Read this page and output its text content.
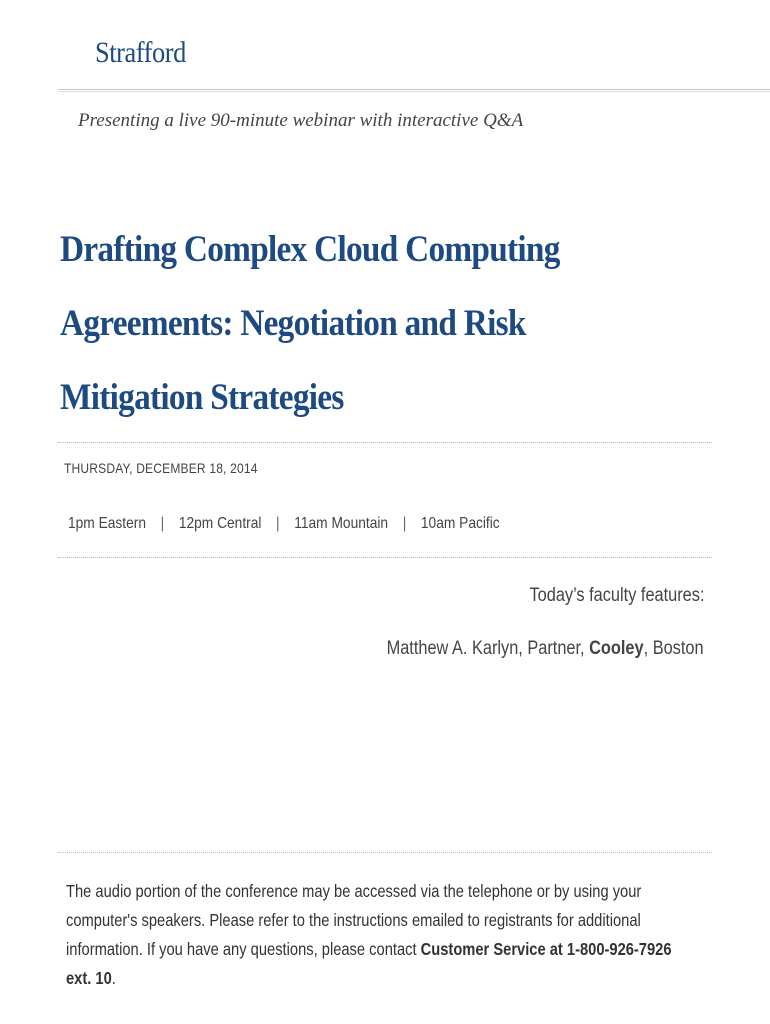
Strafford
Presenting a live 90-minute webinar with interactive Q&A
Drafting Complex Cloud Computing
Agreements: Negotiation and Risk
Mitigation Strategies
THURSDAY, DECEMBER 18, 2014
1pm Eastern | 12pm Central | 11am Mountain | 10am Pacific
Today’s faculty features:
Matthew A. Karlyn, Partner, Cooley, Boston

The audio portion of the conference may be accessed via the telephone or by using your computer's speakers. Please refer to the instructions emailed to registrants for additional information. If you have any questions, please contact Customer Service at 1-800-926-7926 ext. 10.
